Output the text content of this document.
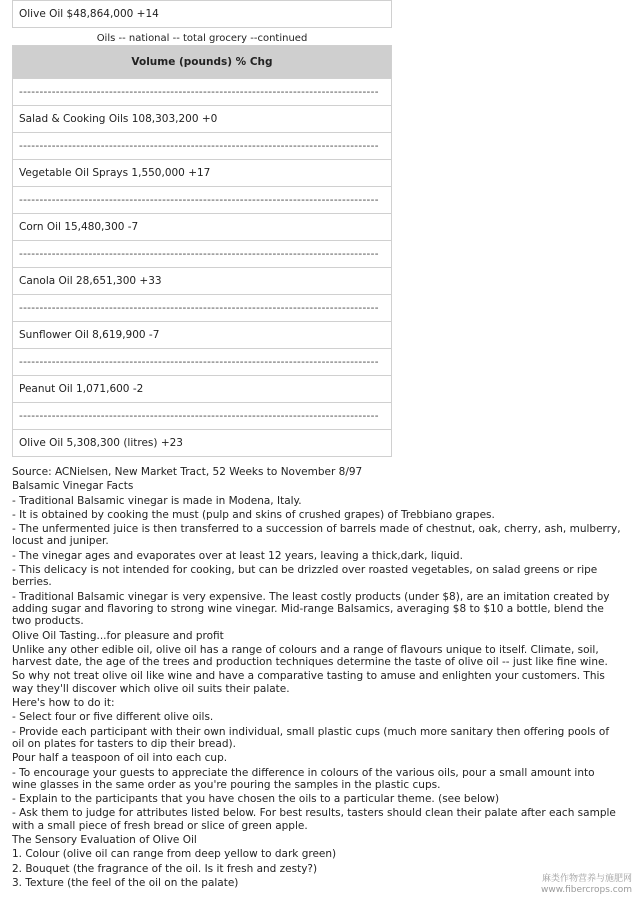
Olive Oil $48,864,000 +14
Oils -- national -- total grocery --continued
Volume (pounds) % Chg
----------------------------------------------------------------------------------------
Salad & Cooking Oils 108,303,200 +0
----------------------------------------------------------------------------------------
Vegetable Oil Sprays 1,550,000 +17
----------------------------------------------------------------------------------------
Corn Oil 15,480,300 -7
----------------------------------------------------------------------------------------
Canola Oil 28,651,300 +33
----------------------------------------------------------------------------------------
Sunflower Oil 8,619,900 -7
----------------------------------------------------------------------------------------
Peanut Oil 1,071,600 -2
----------------------------------------------------------------------------------------
Olive Oil 5,308,300 (litres) +23

Source: ACNielsen, New Market Tract, 52 Weeks to November 8/97

Balsamic Vinegar Facts

- Traditional Balsamic vinegar is made in Modena, Italy.

- It is obtained by cooking the must (pulp and skins of crushed grapes) of Trebbiano grapes.

- The unfermented juice is then transferred to a succession of barrels made of chestnut, oak, cherry, ash, mulberry, locust and juniper.

- The vinegar ages and evaporates over at least 12 years, leaving a thick,dark, liquid.

- This delicacy is not intended for cooking, but can be drizzled over roasted vegetables, on salad greens or ripe berries.

- Traditional Balsamic vinegar is very expensive. The least costly products (under $8), are an imitation created by adding sugar and flavoring to strong wine vinegar. Mid-range Balsamics, averaging $8 to $10 a bottle, blend the two products.

Olive Oil Tasting...for pleasure and profit

Unlike any other edible oil, olive oil has a range of colours and a range of flavours unique to itself. Climate, soil, harvest date, the age of the trees and production techniques determine the taste of olive oil -- just like fine wine.

So why not treat olive oil like wine and have a comparative tasting to amuse and enlighten your customers. This way they'll discover which olive oil suits their palate.

Here's how to do it:

- Select four or five different olive oils.

- Provide each participant with their own individual, small plastic cups (much more sanitary then offering pools of oil on plates for tasters to dip their bread).

Pour half a teaspoon of oil into each cup.

- To encourage your guests to appreciate the difference in colours of the various oils, pour a small amount into wine glasses in the same order as you're pouring the samples in the plastic cups.

- Explain to the participants that you have chosen the oils to a particular theme. (see below)

- Ask them to judge for attributes listed below. For best results, tasters should clean their palate after each sample with a small piece of fresh bread or slice of green apple.

The Sensory Evaluation of Olive Oil

1. Colour (olive oil can range from deep yellow to dark green)

2. Bouquet (the fragrance of the oil. Is it fresh and zesty?)

3. Texture (the feel of the oil on the palate)	麻类作物营养与施肥网
www.fibercrops.com
